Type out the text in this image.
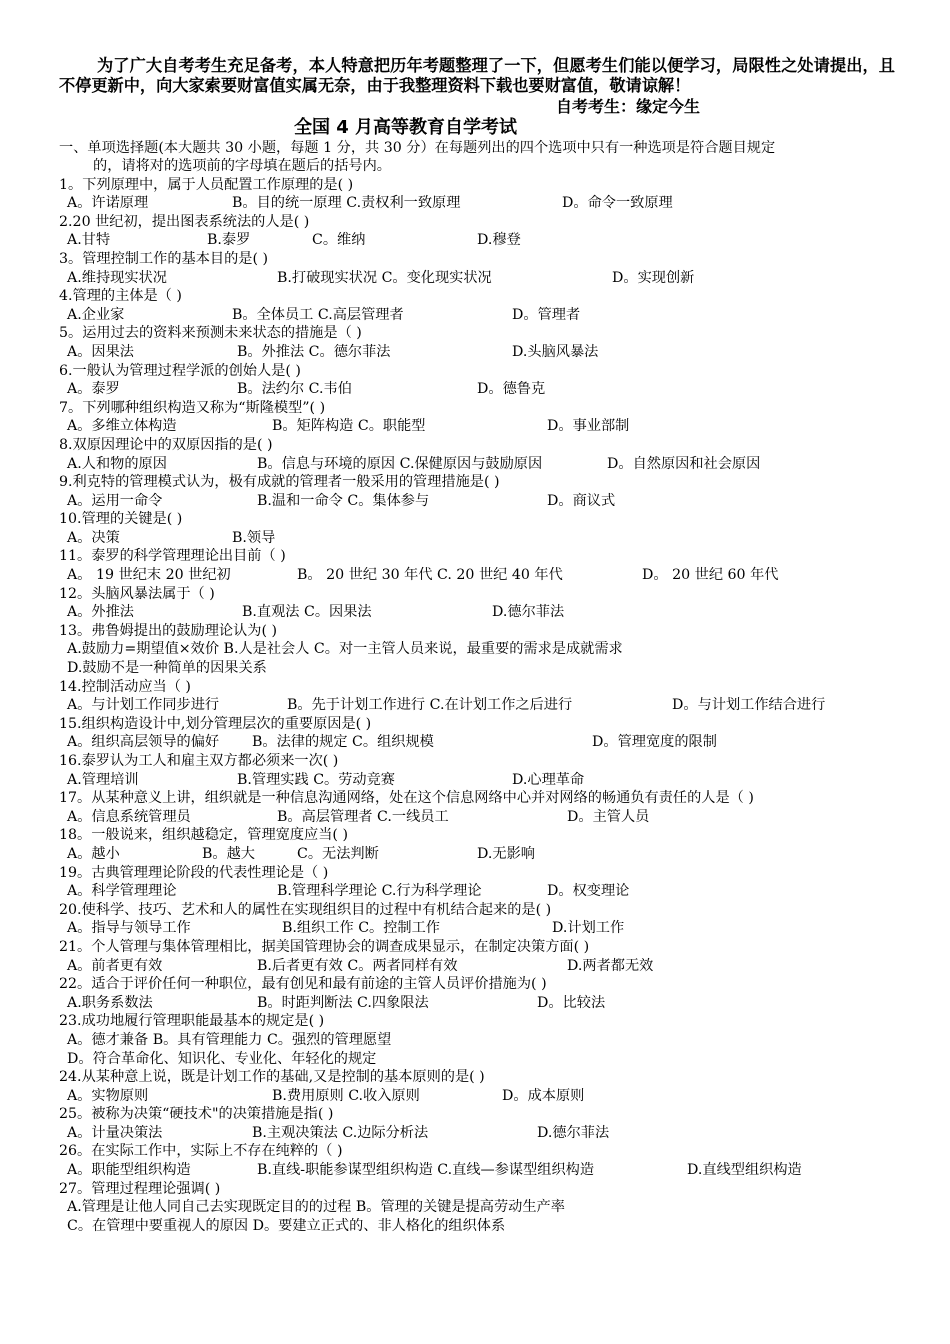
为了广大自考考生充足备考，本人特意把历年考题整理了一下，但愿考生们能以便学习，局限性之处请提出，且不停更新中，向大家索要财富值实属无奈，由于我整理资料下载也要财富值，敬请谅解！
自考考生：缘定今生
全国 4 月高等教育自学考试
一、单项选择题(本大题共 30 小题，每题 1 分，共 30 分）在每题列出的四个选项中只有一种选项是符合题目规定
的，请将对的选项前的字母填在题后的括号内。
1。下列原理中，属于人员配置工作原理的是( )
A。许诺原理	B。目的统一原理 C.责权利一致原理	D。命令一致原理
2.20 世纪初，提出图表系统法的人是( )
A.甘特	B.泰罗	C。维纳	D.穆登
3。管理控制工作的基本目的是( )
A.维持现实状况	B.打破现实状况 C。变化现实状况	D。实现创新
4.管理的主体是（ )
A.企业家	B。全体员工 C.高层管理者	D。管理者
5。运用过去的资料来预测未来状态的措施是（ )
A。因果法	B。外推法 C。德尔菲法	D.头脑风暴法
6.一般认为管理过程学派的创始人是( )
A。泰罗	B。法约尔 C.韦伯	D。德鲁克
7。下列哪种组织构造又称为“斯隆模型”( )
A。多维立体构造	B。矩阵构造 C。职能型	D。事业部制
8.双原因理论中的双原因指的是( )
A.人和物的原因	B。信息与环境的原因 C.保健原因与鼓励原因	D。自然原因和社会原因
9.利克特的管理模式认为，极有成就的管理者一般采用的管理措施是( )
A。运用一命令	B.温和一命令 C。集体参与	D。商议式
10.管理的关键是( )
A。决策	B.领导
11。泰罗的科学管理理论出目前（ )
A。 19 世纪末 20 世纪初	B。 20 世纪 30 年代 C. 20 世纪 40 年代	D。 20 世纪 60 年代
12。头脑风暴法属于（ )
A。外推法	B.直观法 C。因果法	D.德尔菲法
13。弗鲁姆提出的鼓励理论认为( )
A.鼓励力=期望值×效价 B.人是社会人 C。对一主管人员来说，最重要的需求是成就需求
D.鼓励不是一种简单的因果关系
14.控制活动应当（ )
A。与计划工作同步进行	B。先于计划工作进行 C.在计划工作之后进行	D。与计划工作结合进行
15.组织构造设计中,划分管理层次的重要原因是( )
A。组织高层领导的偏好 B。法律的规定 C。组织规模	D。管理宽度的限制
16.泰罗认为工人和雇主双方都必须来一次( )
A.管理培训	B.管理实践 C。劳动竞赛	D.心理革命
17。从某种意义上讲，组织就是一种信息沟通网络，处在这个信息网络中心并对网络的畅通负有责任的人是（ )
A。信息系统管理员	B。高层管理者 C.一线员工	D。主管人员
18。一般说来，组织越稳定，管理宽度应当( )
A。越小	B。越大	C。无法判断	D.无影响
19。古典管理理论阶段的代表性理论是（ )
A。科学管理理论	B.管理科学理论 C.行为科学理论	D。权变理论
20.使科学、技巧、艺术和人的属性在实现组织目的过程中有机结合起来的是( )
A。指导与领导工作	B.组织工作 C。控制工作	D.计划工作
21。个人管理与集体管理相比，据美国管理协会的调查成果显示，在制定决策方面( )
A。前者更有效	B.后者更有效 C。两者同样有效	D.两者都无效
22。适合于评价任何一种职位，最有创见和最有前途的主管人员评价措施为( )
A.职务系数法	B。时距判断法 C.四象限法	D。比较法
23.成功地履行管理职能最基本的规定是( )
A。德才兼备 B。具有管理能力 C。强烈的管理愿望
D。符合革命化、知识化、专业化、年轻化的规定
24.从某种意上说，既是计划工作的基础,又是控制的基本原则的是( )
A。实物原则	B.费用原则 C.收入原则	D。成本原则
25。被称为决策“硬技术"的决策措施是指( )
A。计量决策法	B.主观决策法 C.边际分析法	D.德尔菲法
26。在实际工作中，实际上不存在纯粹的（ )
A。职能型组织构造	B.直线-职能参谋型组织构造 C.直线—参谋型组织构造	D.直线型组织构造
27。管理过程理论强调( )
A.管理是让他人同自己去实现既定目的的过程 B。管理的关键是提高劳动生产率
C。在管理中要重视人的原因 D。要建立正式的、非人格化的组织体系
